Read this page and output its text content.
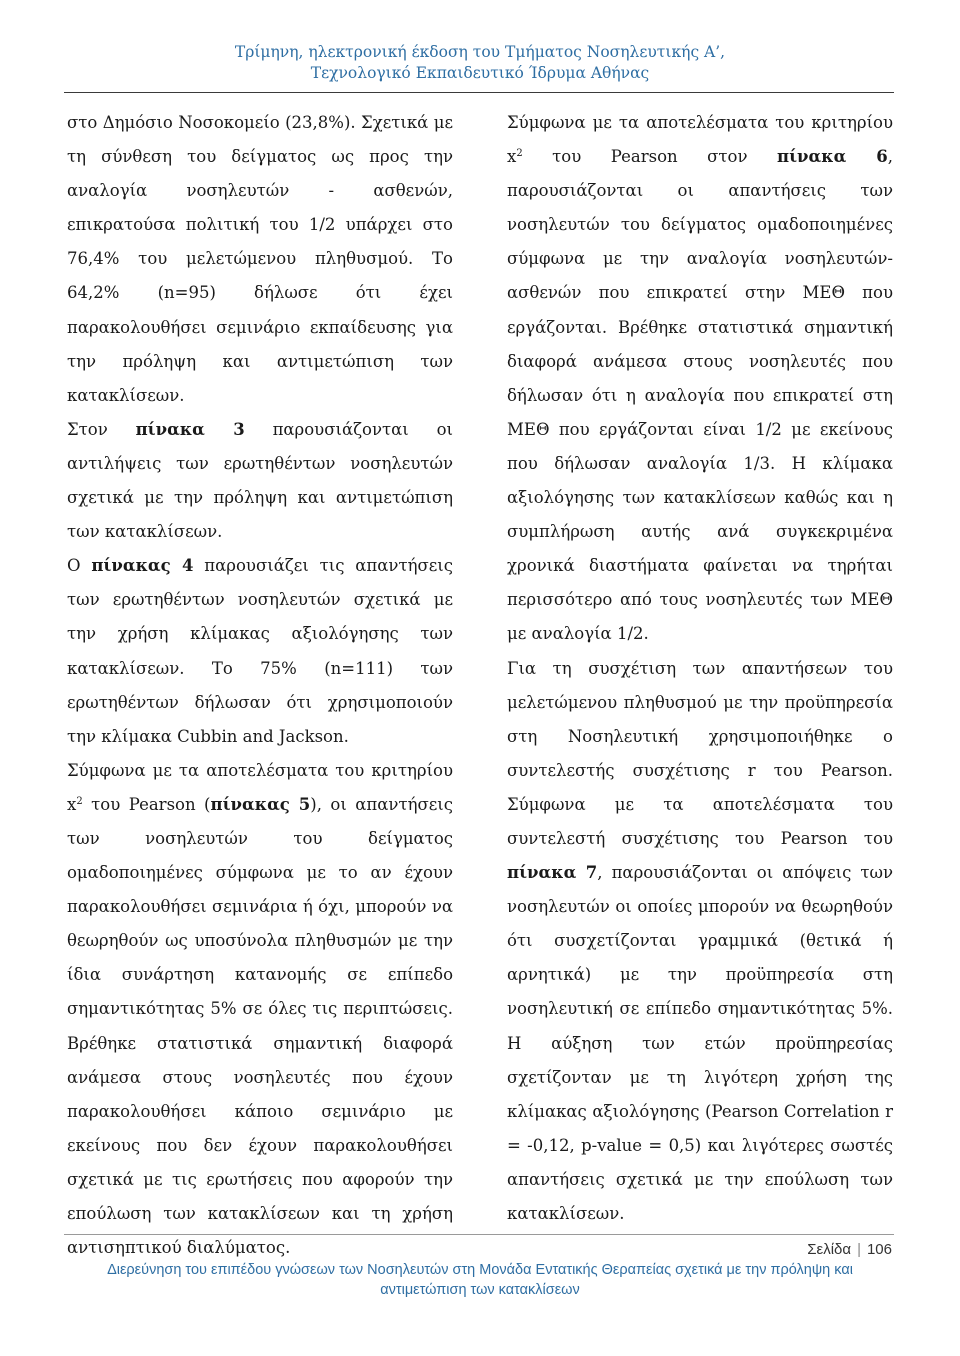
Τρίμηνη, ηλεκτρονική έκδοση του Τμήματος Νοσηλευτικής Α’,
Τεχνολογικό Εκπαιδευτικό Ίδρυμα Αθήνας

στο Δημόσιο Νοσοκομείο (23,8%). Σχετικά με τη σύνθεση του δείγματος ως προς την αναλογία νοσηλευτών - ασθενών, επικρατούσα πολιτική του 1/2 υπάρχει στο 76,4% του μελετώμενου πληθυσμού. Το 64,2% (n=95) δήλωσε ότι έχει παρακολουθήσει σεμινάριο εκπαίδευσης για την πρόληψη και αντιμετώπιση των κατακλίσεων.

Στον πίνακα 3 παρουσιάζονται οι αντιλήψεις των ερωτηθέντων νοσηλευτών σχετικά με την πρόληψη και αντιμετώπιση των κατακλίσεων.

Ο πίνακας 4 παρουσιάζει τις απαντήσεις των ερωτηθέντων νοσηλευτών σχετικά με την χρήση κλίμακας αξιολόγησης των κατακλίσεων. Το 75% (n=111) των ερωτηθέντων δήλωσαν ότι χρησιμοποιούν την κλίμακα Cubbin and Jackson.

Σύμφωνα με τα αποτελέσματα του κριτηρίου $x^2$ του Pearson (πίνακας 5), οι απαντήσεις των νοσηλευτών του δείγματος ομαδοποιημένες σύμφωνα με το αν έχουν παρακολουθήσει σεμινάρια ή όχι, μπορούν να θεωρηθούν ως υποσύνολα πληθυσμών με την ίδια συνάρτηση κατανομής σε επίπεδο σημαντικότητας 5% σε όλες τις περιπτώσεις. Βρέθηκε στατιστικά σημαντική διαφορά ανάμεσα στους νοσηλευτές που έχουν παρακολουθήσει κάποιο σεμινάριο με εκείνους που δεν έχουν παρακολουθήσει σχετικά με τις ερωτήσεις που αφορούν την επούλωση των κατακλίσεων και τη χρήση αντισηπτικού διαλύματος.

Σύμφωνα με τα αποτελέσματα του κριτηρίου $x^2$ του Pearson στον πίνακα 6, παρουσιάζονται οι απαντήσεις των νοσηλευτών του δείγματος ομαδοποιημένες σύμφωνα με την αναλογία νοσηλευτών-ασθενών που επικρατεί στην ΜΕΘ που εργάζονται. Βρέθηκε στατιστικά σημαντική διαφορά ανάμεσα στους νοσηλευτές που δήλωσαν ότι η αναλογία που επικρατεί στη ΜΕΘ που εργάζονται είναι 1/2 με εκείνους που δήλωσαν αναλογία 1/3. Η κλίμακα αξιολόγησης των κατακλίσεων καθώς και η συμπλήρωση αυτής ανά συγκεκριμένα χρονικά διαστήματα φαίνεται να τηρήται περισσότερο από τους νοσηλευτές των ΜΕΘ με αναλογία 1/2.

Για τη συσχέτιση των απαντήσεων του μελετώμενου πληθυσμού με την προϋπηρεσία στη Νοσηλευτική χρησιμοποιήθηκε ο συντελεστής συσχέτισης r του Pearson. Σύμφωνα με τα αποτελέσματα του συντελεστή συσχέτισης του Pearson του πίνακα 7, παρουσιάζονται οι απόψεις των νοσηλευτών οι οποίες μπορούν να θεωρηθούν ότι συσχετίζονται γραμμικά (θετικά ή αρνητικά) με την προϋπηρεσία στη νοσηλευτική σε επίπεδο σημαντικότητας 5%. Η αύξηση των ετών προϋπηρεσίας σχετίζονταν με τη λιγότερη χρήση της κλίμακας αξιολόγησης (Pearson Correlation r = -0,12, p-value = 0,5) και λιγότερες σωστές απαντήσεις σχετικά με την επούλωση των κατακλίσεων.

Σελίδα | 106
Διερεύνηση του επιπέδου γνώσεων των Νοσηλευτών στη Μονάδα Εντατικής Θεραπείας σχετικά με την πρόληψη και
αντιμετώπιση των κατακλίσεων
